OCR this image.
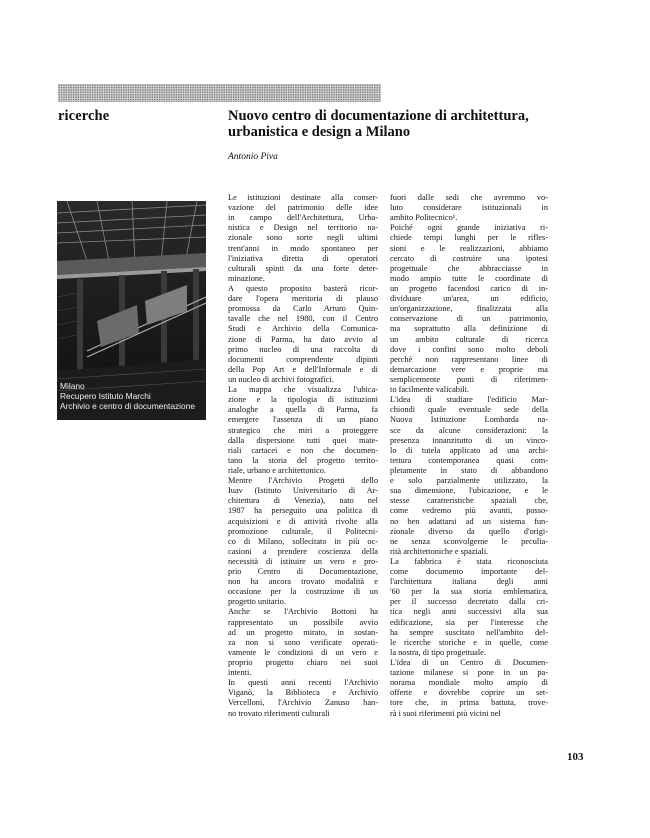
ricerche	Nuovo centro di documentazione di architettura,
urbanistica e design a Milano
Antonio Piva
Milano
Recupero Istituto Marchi
Archivio e centro di documentazione
Le istituzioni destinate alla conser-
vazione del patrimonio delle idee
in campo dell'Architettura, Urba-
nistica e Design nel territorio na-
zionale sono sorte negli ultimi
trent'anni in modo spontaneo per
l'iniziativa diretta di operatori
culturali spinti da una forte deter-
minazione.
A questo proposito basterà ricor-
dare l'opera meritoria di plauso
promossa da Carlo Arturo Quin-
tavalle che nel 1980, con il Centro
Studi e Archivio della Comunica-
zione di Parma, ha dato avvio al
primo nucleo di una raccolta di
documenti comprendente dipinti
della Pop Art e dell'Informale e di
un nucleo di archivi fotografici.
La mappa che visualizza l'ubica-
zione e la tipologia di istituzioni
analoghe a quella di Parma, fa
emergere l'assenza di un piano
strategico che miri a proteggere
dalla dispersione tutti quei mate-
riali cartacei e non che documen-
tano la storia del progetto territo-
riale, urbano e architettonico.
Mentre l'Archivio Progetti dello
Iuav (Istituto Universitario di Ar-
chitettura di Venezia), nato nel
1987 ha perseguito una politica di
acquisizioni e di attività rivolte alla
promozione culturale, il Politecni-
co di Milano, sollecitato in più oc-
casioni a prendere coscienza della
necessità di istituire un vero e pro-
prio Centro di Documentazione,
non ha ancora trovato modalità e
occasione per la costruzione di un
progetto unitario.
Anche se l'Archivio Bottoni ha
rappresentato un possibile avvio
ad un progetto mirato, in sostan-
za non si sono verificate operati-
vamente le condizioni di un vero e
proprio progetto chiaro nei suoi
intenti.
In questi anni recenti l'Archivio
Viganò, la Biblioteca e Archivio
Vercelloni, l'Archivio Zanuso han-
no trovato riferimenti culturali
fuori dalle sedi che avremmo vo-
luto considerare istituzionali in
ambito Politecnico¹.
Poiché ogni grande iniziativa ri-
chiede tempi lunghi per le rifles-
sioni e le realizzazioni, abbiamo
cercato di costruire una ipotesi
progettuale che abbracciasse in
modo ampio tutte le coordinate di
un progetto facendosi carico di in-
dividuare un'area, un edificio,
un'organizzazione, finalizzata alla
conservazione di un patrimonio,
ma soprattutto alla definizione di
un ambito culturale di ricerca
dove i confini sono molto deboli
perché non rappresentano linee di
demarcazione vere e proprie ma
semplicemente punti di riferimen-
to facilmente valicabili.
L'idea di studiare l'edificio Mar-
chiondi quale eventuale sede della
Nuova Istituzione Lombarda na-
sce da alcune considerazioni: la
presenza innanzitutto di un vinco-
lo di tutela applicato ad una archi-
tettura contemporanea quasi com-
pletamente in stato di abbandono
e solo parzialmente utilizzato, la
sua dimensione, l'ubicazione, e le
stesse caratteristiche spaziali che,
come vedremo più avanti, posso-
no ben adattarsi ad un sistema fun-
zionale diverso da quello d'origi-
ne senza sconvolgerne le peculia-
rità architettoniche e spaziali.
La fabbrica è stata riconosciuta
come documento importante del-
l'architettura italiana degli anni
'60 per la sua storia emblematica,
per il successo decretato dalla cri-
tica negli anni successivi alla sua
edificazione, sia per l'interesse che
ha sempre suscitato nell'ambito del-
le ricerche storiche e in quelle, come
la nostra, di tipo progettuale.
L'idea di un Centro di Documen-
tazione milanese si pone in un pa-
norama mondiale molto ampio di
offerte e dovrebbe coprire un set-
tore che, in prima battuta, trove-
rà i suoi riferimenti più vicini nel
103
